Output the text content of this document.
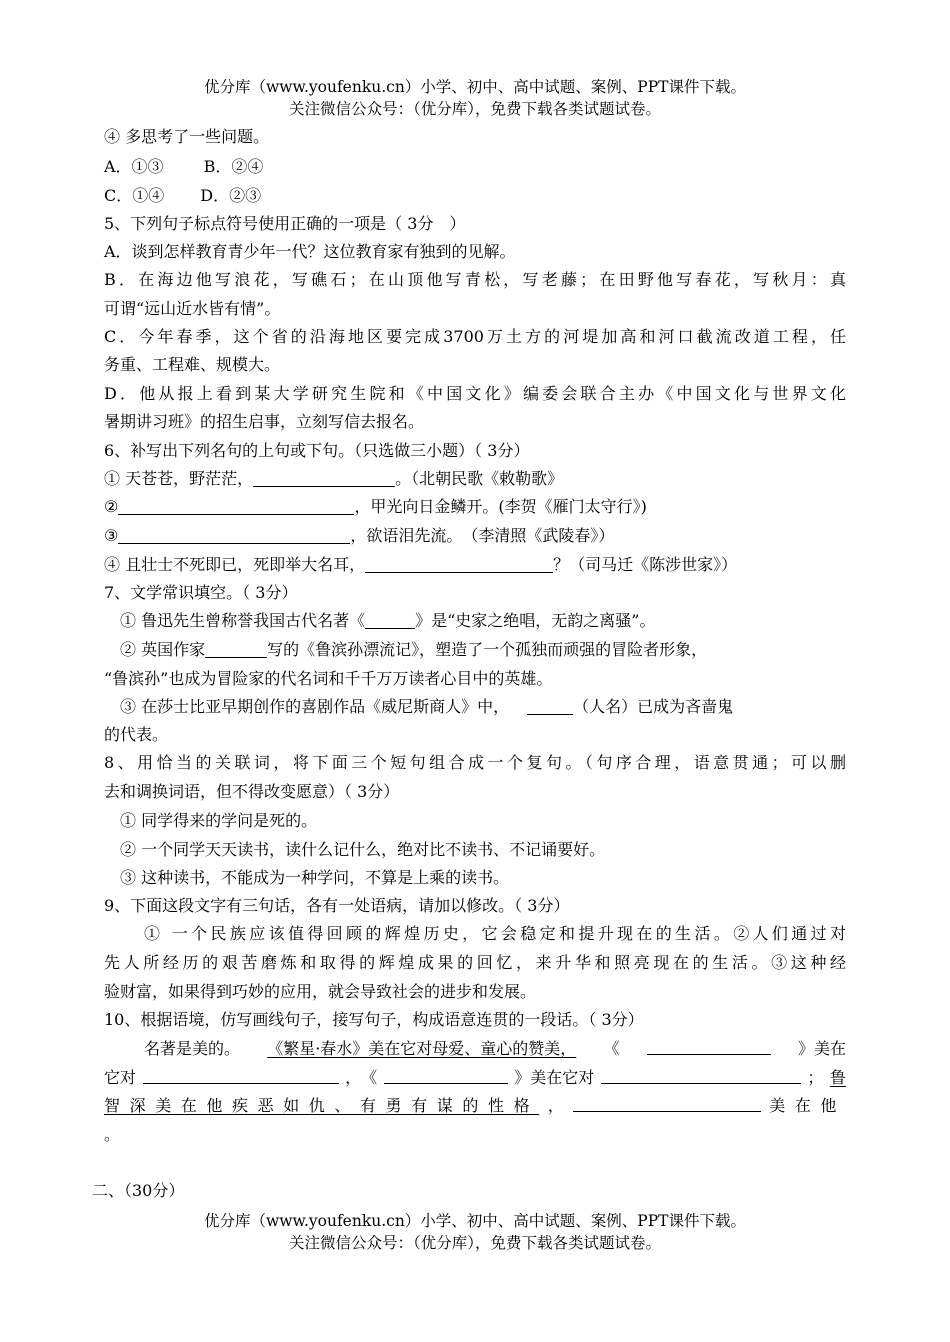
优分库（www.youfenku.cn）小学、初中、高中试题、案例、PPT课件下载。
关注微信公众号：（优分库），免费下载各类试题试卷。
④ 多思考了一些问题。
A．①③	B．②④
C．①④ D．②③
5、下列句子标点符号使用正确的一项是（ 3分　）
A．谈到怎样教育青少年一代？这位教育家有独到的见解。
B．在海边他写浪花，写礁石；在山顶他写青松，写老藤；在田野他写春花，写秋月：真
可谓“远山近水皆有情”。
C．今年春季，这个省的沿海地区要完成3700万土方的河堤加高和河口截流改道工程，任
务重、工程难、规模大。
D．他从报上看到某大学研究生院和《中国文化》编委会联合主办《中国文化与世界文化
暑期讲习班》的招生启事，立刻写信去报名。
6、补写出下列名句的上句或下句。（只选做三小题）（ 3分）
① 天苍苍，野茫茫，	。（北朝民歌《敕勒歌》
②	，甲光向日金鳞开。(李贺《雁门太守行》)
③	，欲语泪先流。　（李清照《武陵春》）
④ 且壮士不死即已，死即举大名耳，	？（司马迁《陈涉世家》）
7、文学常识填空。（ 3分）
① 鲁迅先生曾称誉我国古代名著《	》是“史家之绝唱，无韵之离骚”。
② 英国作家	写的《鲁滨孙漂流记》，塑造了一个孤独而顽强的冒险者形象，
“鲁滨孙”也成为冒险家的代名词和千千万万读者心目中的英雄。
③ 在莎士比亚早期创作的喜剧作品《威尼斯商人》中，	（人名）已成为吝啬鬼
的代表。
8、用恰当的关联词，将下面三个短句组合成一个复句。（句序合理，语意贯通；可以删
去和调换词语，但不得改变愿意）（ 3分）
① 同学得来的学问是死的。
② 一个同学天天读书，读什么记什么，绝对比不读书、不记诵要好。
③ 这种读书，不能成为一种学问，不算是上乘的读书。
9、下面这段文字有三句话，各有一处语病，请加以修改。（ 3分）
① 一个民族应该值得回顾的辉煌历史，它会稳定和提升现在的生活。②人们通过对
先人所经历的艰苦磨炼和取得的辉煌成果的回忆，来升华和照亮现在的生活。③这种经
验财富，如果得到巧妙的应用，就会导致社会的进步和发展。
10、根据语境，仿写画线句子，接写句子，构成语意连贯的一段话。（ 3分）
名著是美的。 《繁星·春水》美在它对母爱、童心的赞美， 《	》美在
它对	，　《	》美在它对	； 鲁
智深美在他疾恶如仇、有勇有谋的性格 ，	美在他
。
二、（30分）
优分库（www.youfenku.cn）小学、初中、高中试题、案例、PPT课件下载。
关注微信公众号：（优分库），免费下载各类试题试卷。
